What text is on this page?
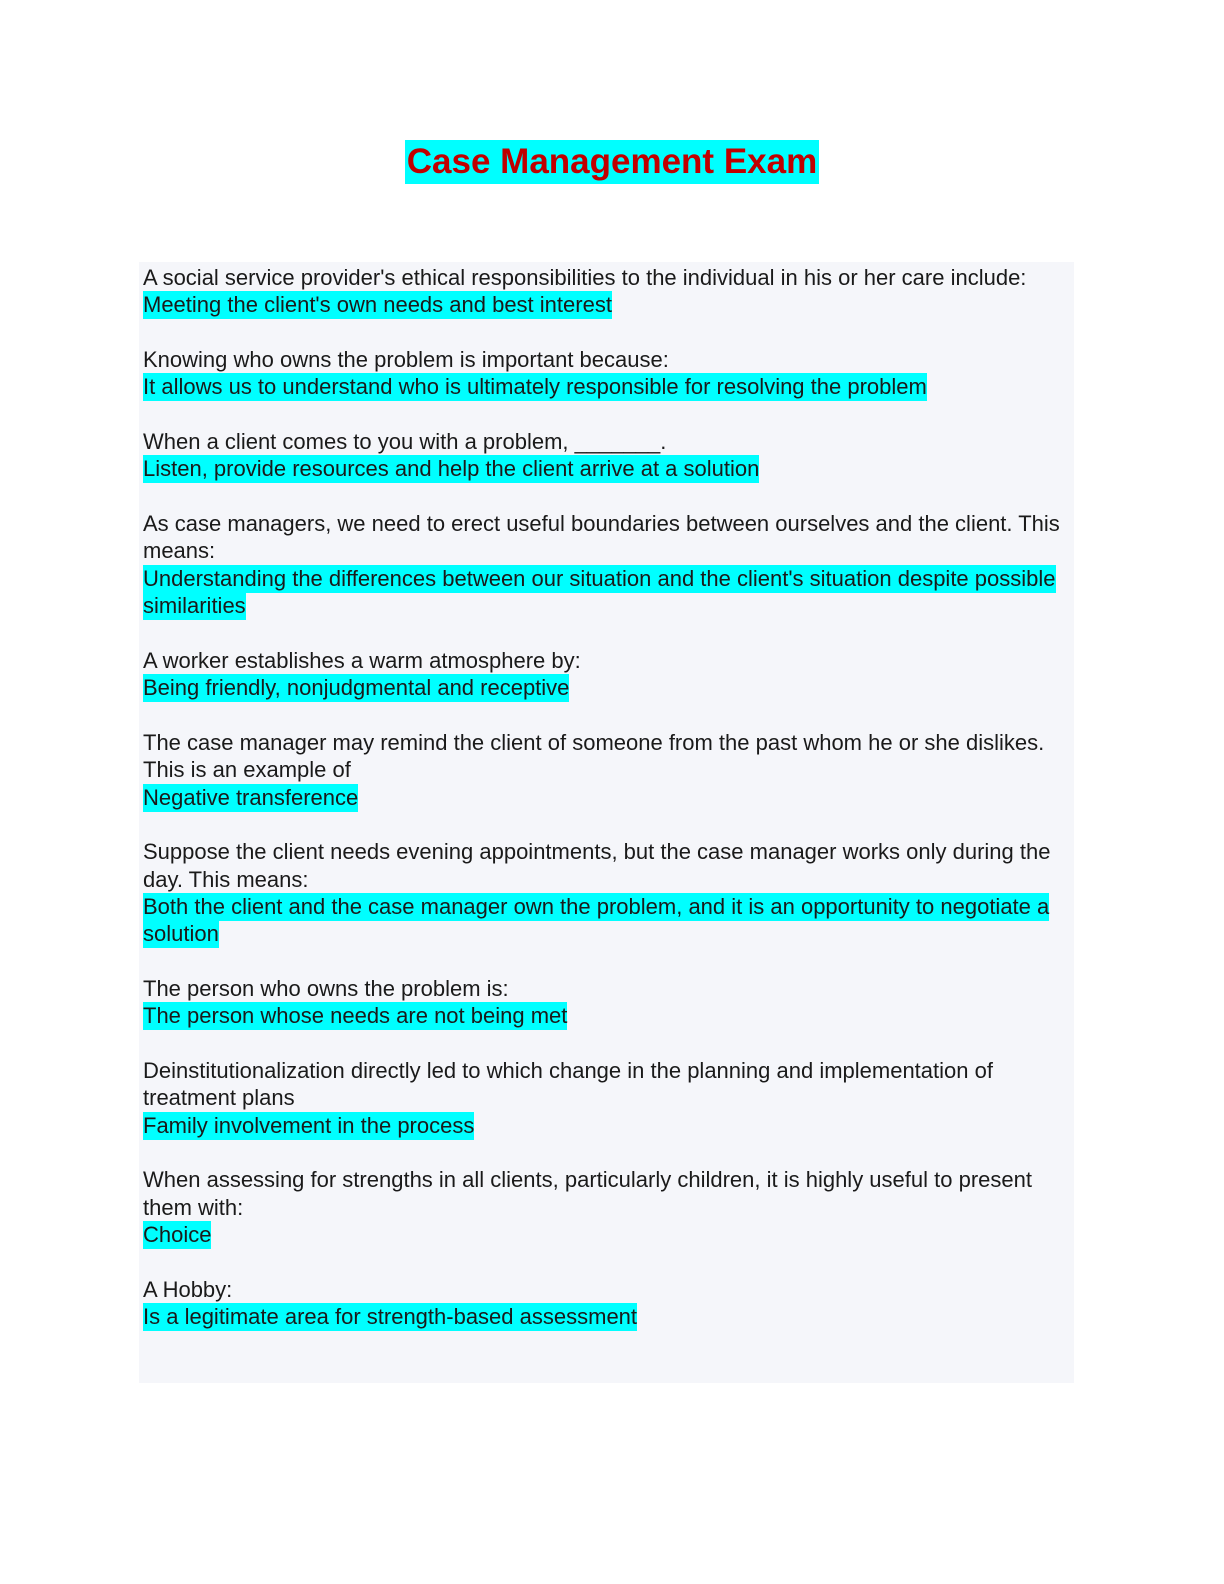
Case Management Exam
A social service provider's ethical responsibilities to the individual in his or her care include:
Meeting the client's own needs and best interest
Knowing who owns the problem is important because:
It allows us to understand who is ultimately responsible for resolving the problem
When a client comes to you with a problem, _______.
Listen, provide resources and help the client arrive at a solution
As case managers, we need to erect useful boundaries between ourselves and the client. This means:
Understanding the differences between our situation and the client's situation despite possible similarities
A worker establishes a warm atmosphere by:
Being friendly, nonjudgmental and receptive
The case manager may remind the client of someone from the past whom he or she dislikes. This is an example of
Negative transference
Suppose the client needs evening appointments, but the case manager works only during the day. This means:
Both the client and the case manager own the problem, and it is an opportunity to negotiate a solution
The person who owns the problem is:
The person whose needs are not being met
Deinstitutionalization directly led to which change in the planning and implementation of treatment plans
Family involvement in the process
When assessing for strengths in all clients, particularly children, it is highly useful to present them with:
Choice
A Hobby:
Is a legitimate area for strength-based assessment
